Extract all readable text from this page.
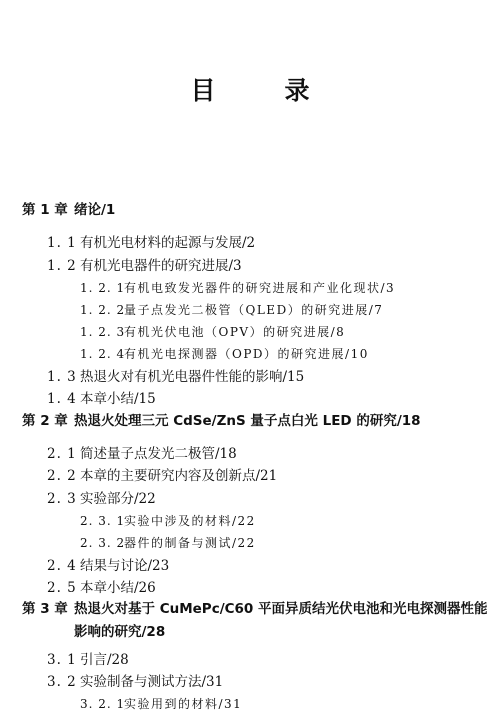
目　录
第 1 章 绪论/1
1. 1 有机光电材料的起源与发展/2
1. 2 有机光电器件的研究进展/3
1. 2. 1有机电致发光器件的研究进展和产业化现状/3
1. 2. 2量子点发光二极管（QLED）的研究进展/7
1. 2. 3有机光伏电池（OPV）的研究进展/8
1. 2. 4有机光电探测器（OPD）的研究进展/10
1. 3 热退火对有机光电器件性能的影响/15
1. 4 本章小结/15
第 2 章 热退火处理三元 CdSe/ZnS 量子点白光 LED 的研究/18
2. 1 简述量子点发光二极管/18
2. 2 本章的主要研究内容及创新点/21
2. 3 实验部分/22
2. 3. 1实验中涉及的材料/22
2. 3. 2器件的制备与测试/22
2. 4 结果与讨论/23
2. 5 本章小结/26
第 3 章 热退火对基于 CuMePc/C60 平面异质结光伏电池和光电探测器性能
影响的研究/28
3. 1 引言/28
3. 2 实验制备与测试方法/31
3. 2. 1实验用到的材料/31
